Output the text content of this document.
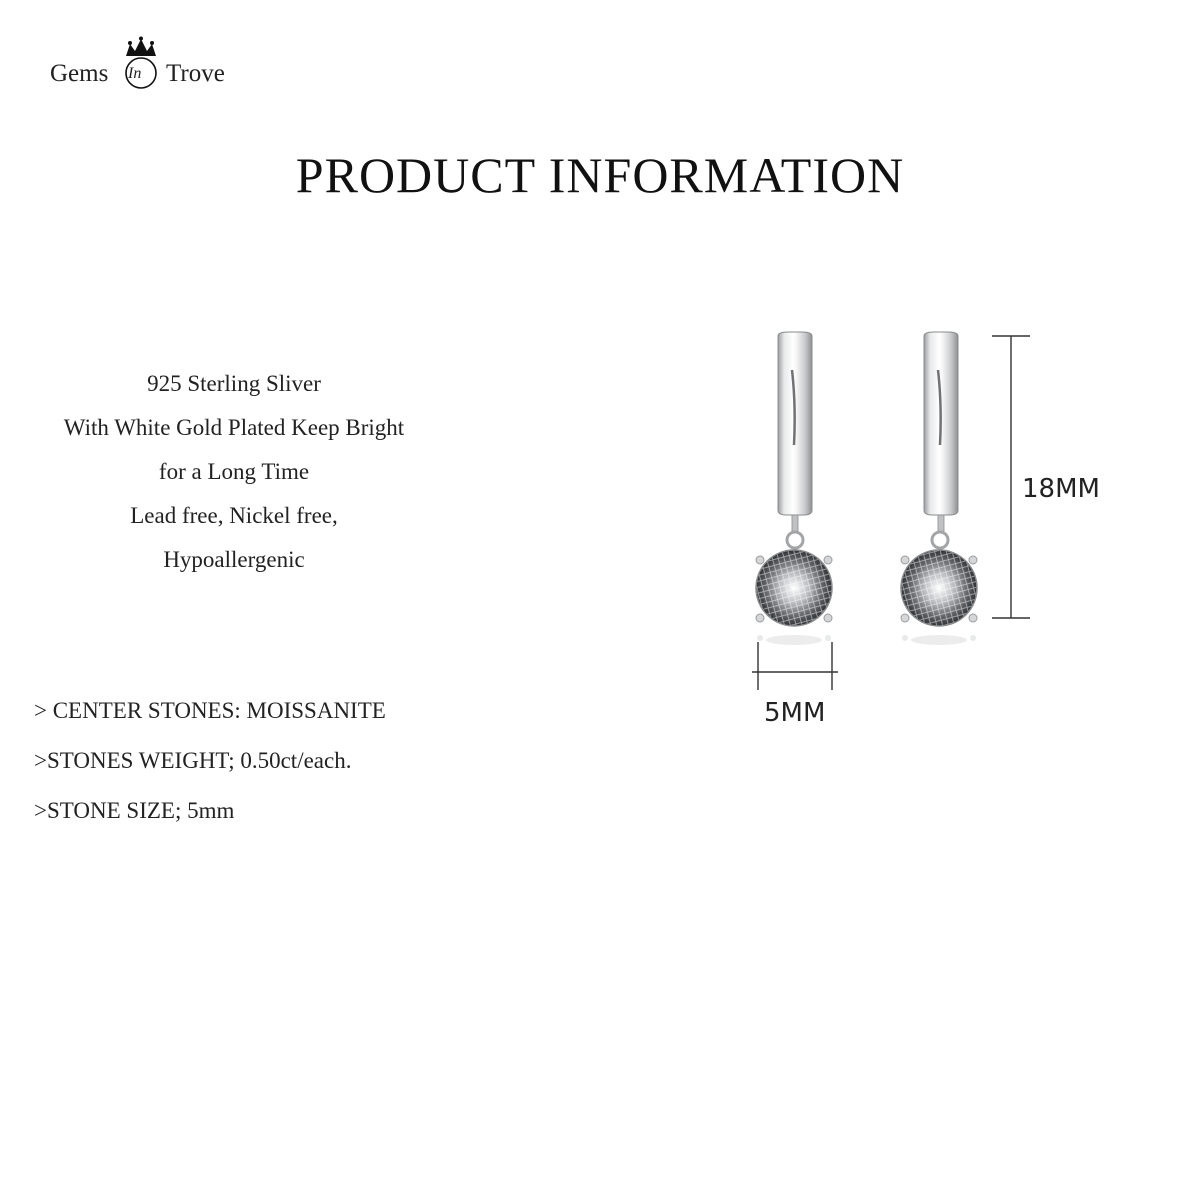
Gems In Trove
PRODUCT INFORMATION
925 Sterling Sliver
With White Gold Plated Keep Bright
for a Long Time
Lead free, Nickel free,
Hypoallergenic
> CENTER STONES: MOISSANITE
>STONES WEIGHT; 0.50ct/each.
>STONE SIZE; 5mm
18MM
5MM
